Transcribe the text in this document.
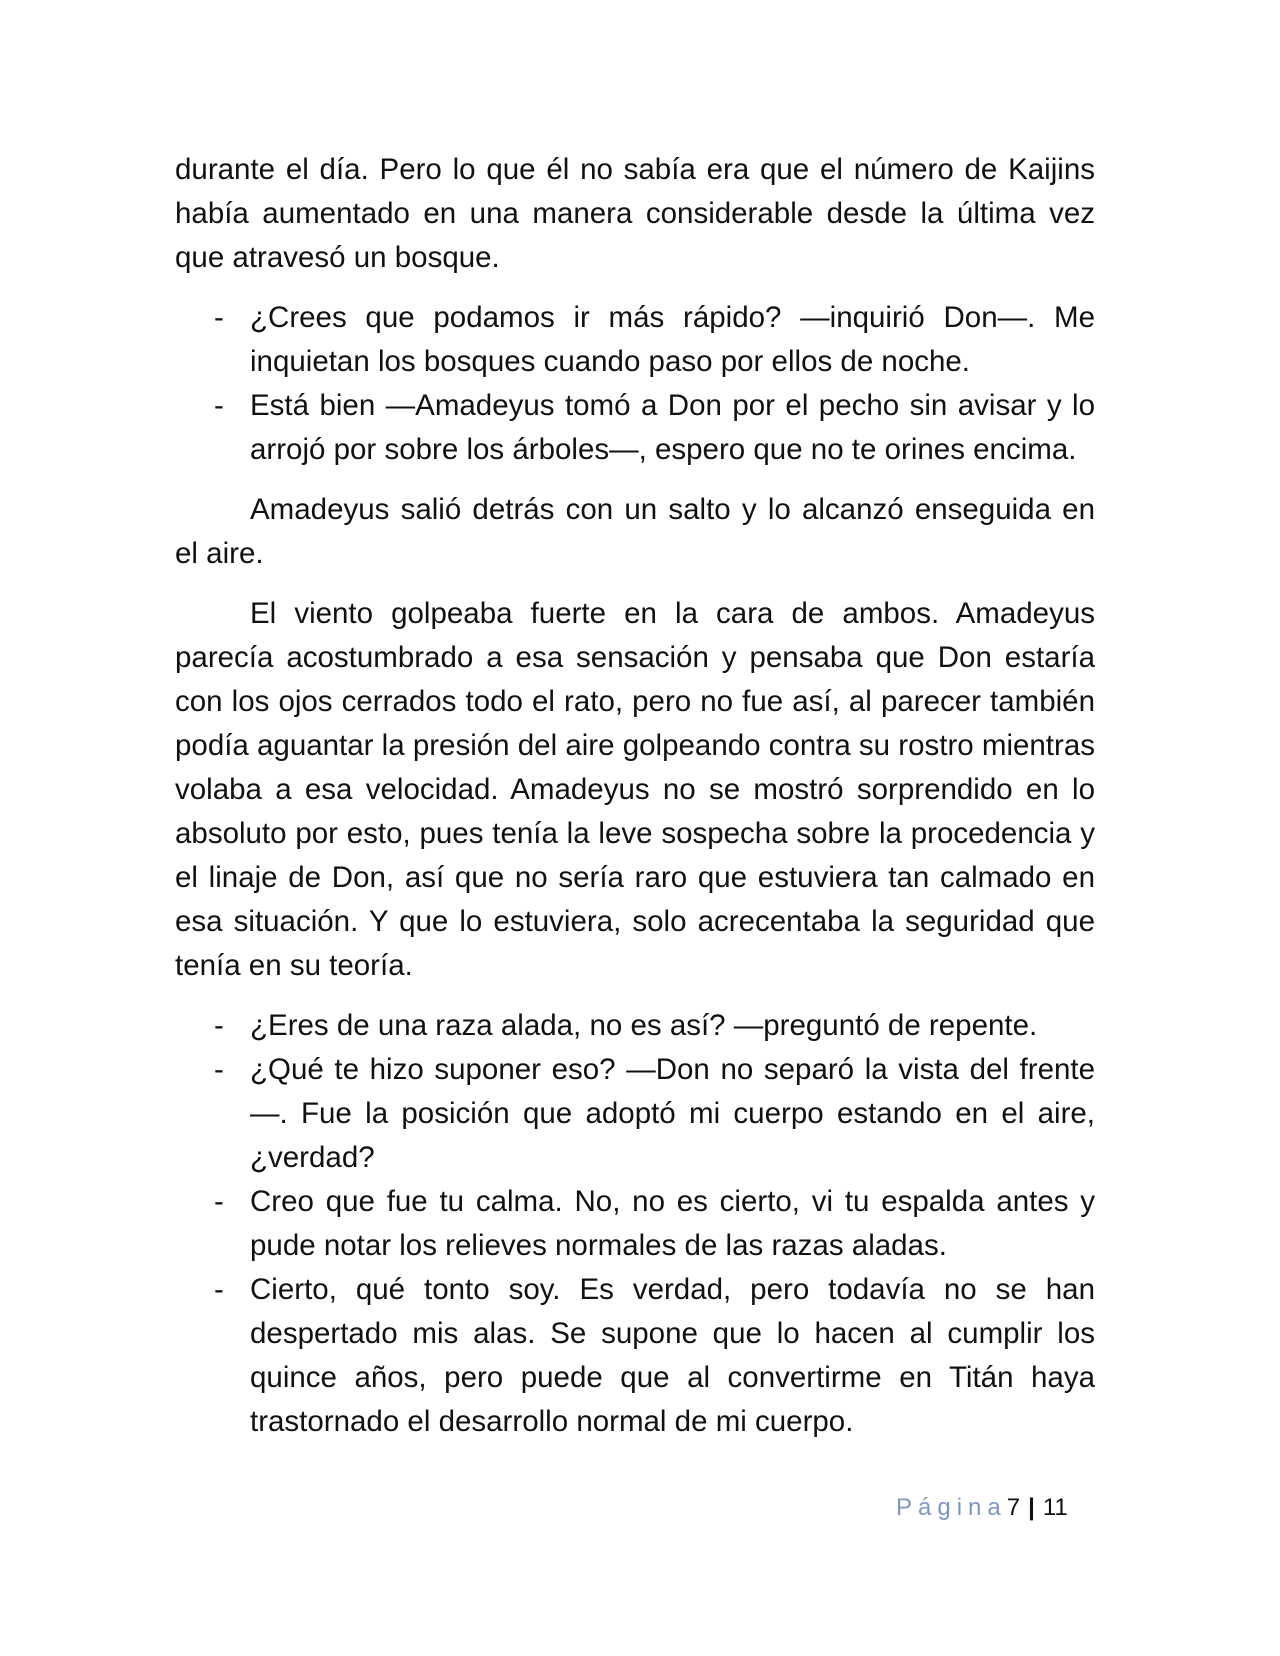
durante el día. Pero lo que él no sabía era que el número de Kaijins había aumentado en una manera considerable desde la última vez que atravesó un bosque.

- ¿Crees que podamos ir más rápido? —inquirió Don—. Me inquietan los bosques cuando paso por ellos de noche.
- Está bien —Amadeyus tomó a Don por el pecho sin avisar y lo arrojó por sobre los árboles—, espero que no te orines encima.

Amadeyus salió detrás con un salto y lo alcanzó enseguida en el aire.

El viento golpeaba fuerte en la cara de ambos. Amadeyus parecía acostumbrado a esa sensación y pensaba que Don estaría con los ojos cerrados todo el rato, pero no fue así, al parecer también podía aguantar la presión del aire golpeando contra su rostro mientras volaba a esa velocidad. Amadeyus no se mostró sorprendido en lo absoluto por esto, pues tenía la leve sospecha sobre la procedencia y el linaje de Don, así que no sería raro que estuviera tan calmado en esa situación. Y que lo estuviera, solo acrecentaba la seguridad que tenía en su teoría.

- ¿Eres de una raza alada, no es así? —preguntó de repente.
- ¿Qué te hizo suponer eso? —Don no separó la vista del frente—. Fue la posición que adoptó mi cuerpo estando en el aire, ¿verdad?
- Creo que fue tu calma. No, no es cierto, vi tu espalda antes y pude notar los relieves normales de las razas aladas.
- Cierto, qué tonto soy. Es verdad, pero todavía no se han despertado mis alas. Se supone que lo hacen al cumplir los quince años, pero puede que al convertirme en Titán haya trastornado el desarrollo normal de mi cuerpo.
Página7 | 11
